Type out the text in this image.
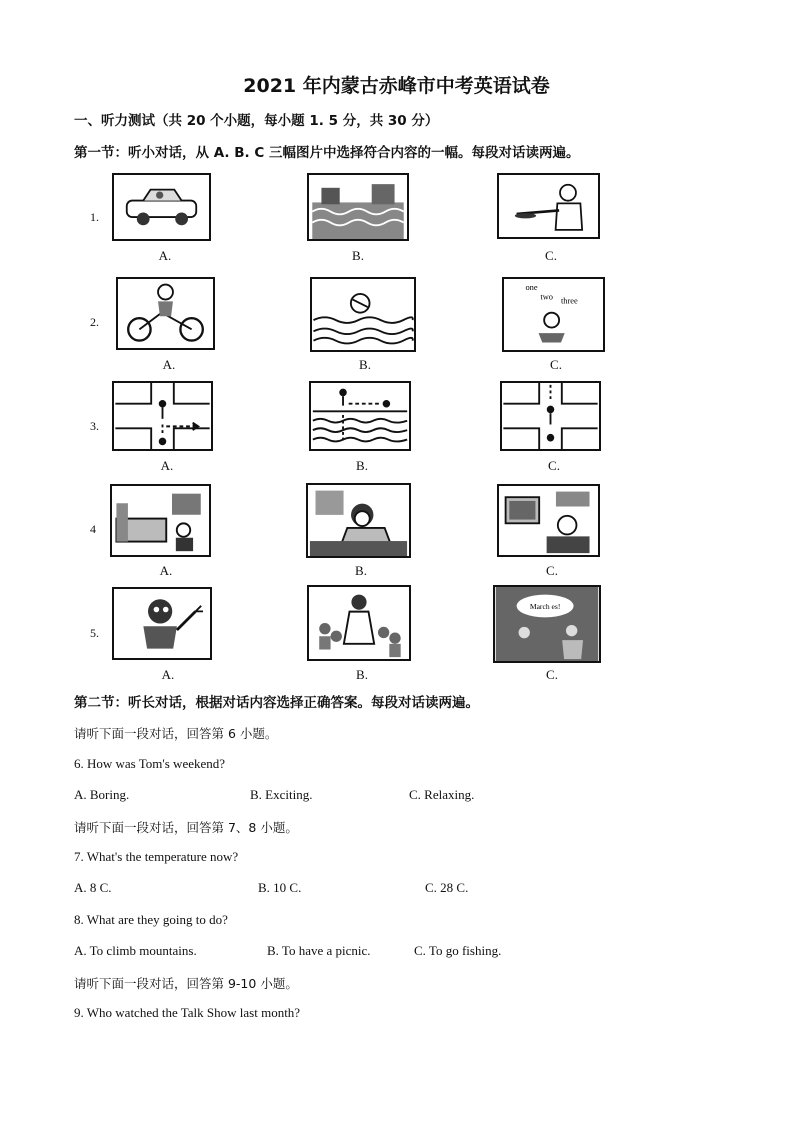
2021 年内蒙古赤峰市中考英语试卷
一、听力测试（共 20 个小题，每小题 1. 5 分，共 30 分）
第一节：听小对话，从 A. B. C 三幅图片中选择符合内容的一幅。每段对话读两遍。
1.
A.	B.	C.
2.
one
two three
A.	B.	C.
3.
A.	B.	C.
4
A.	B.	C.
5.
March es!
A.	B.	C.
第二节：听长对话，根据对话内容选择正确答案。每段对话读两遍。
请听下面一段对话，回答第 6 小题。
6. How was Tom's weekend?
A. Boring.	B. Exciting.	C. Relaxing.
请听下面一段对话，回答第 7、8 小题。
7. What's the temperature now?
A. 8 C.	B. 10 C.	C. 28 C.
8. What are they going to do?
A. To climb mountains.	B. To have a picnic.	C. To go fishing.
请听下面一段对话，回答第 9-10 小题。
9. Who watched the Talk Show last month?
